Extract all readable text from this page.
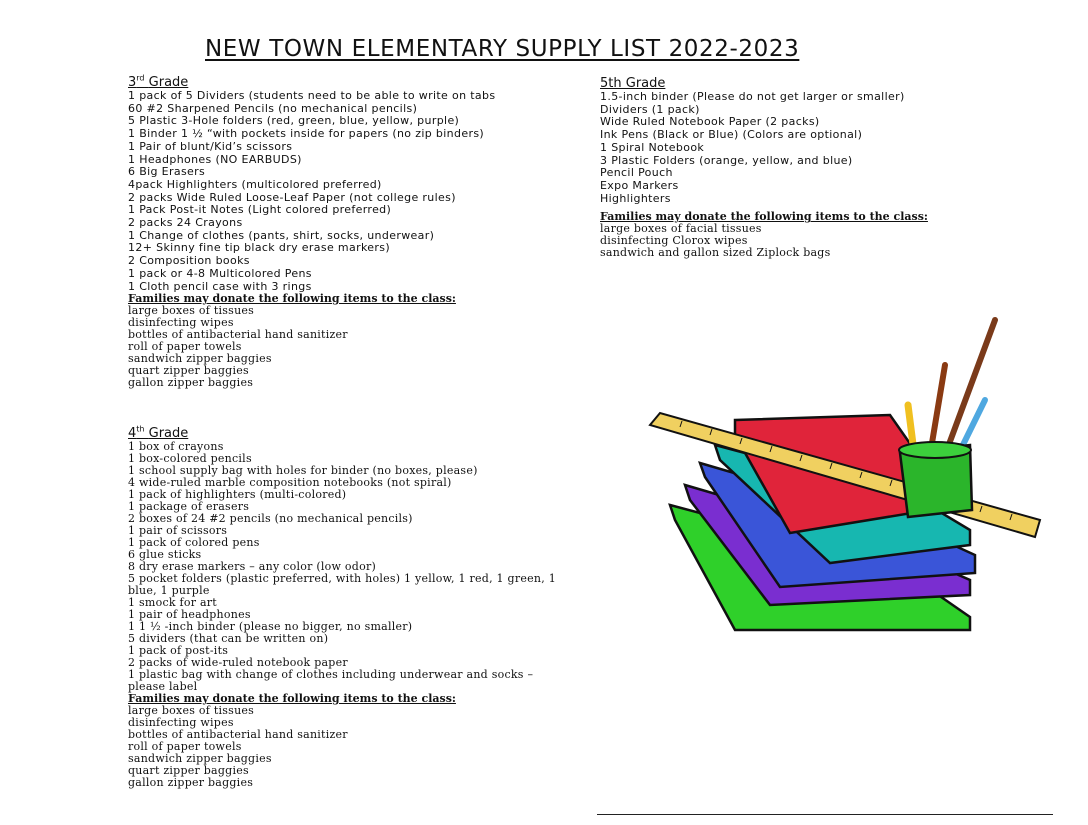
NEW TOWN ELEMENTARY SUPPLY LIST 2022-2023
3rd Grade
1 pack of 5 Dividers (students need to be able to write on tabs
60 #2 Sharpened Pencils (no mechanical pencils)
5 Plastic 3-Hole folders (red, green, blue, yellow, purple)
1 Binder 1 ½ “with pockets inside for papers (no zip binders)
1 Pair of blunt/Kid’s scissors
1 Headphones (NO EARBUDS)
6 Big Erasers
4pack Highlighters (multicolored preferred)
2 packs Wide Ruled Loose-Leaf Paper (not college rules)
1 Pack Post-it Notes (Light colored preferred)
2 packs 24 Crayons
1 Change of clothes (pants, shirt, socks, underwear)
12+ Skinny fine tip black dry erase markers)
2 Composition books
1 pack or 4-8 Multicolored Pens
1 Cloth pencil case with 3 rings
Families may donate the following items to the class:
large boxes of tissues
disinfecting wipes
bottles of antibacterial hand sanitizer
roll of paper towels
sandwich zipper baggies
quart zipper baggies
gallon zipper baggies
4th Grade
1 box of crayons
1 box-colored pencils
1 school supply bag with holes for binder (no boxes, please)
4 wide-ruled marble composition notebooks (not spiral)
1 pack of highlighters (multi-colored)
1 package of erasers
2 boxes of 24 #2 pencils (no mechanical pencils)
1 pair of scissors
1 pack of colored pens
6 glue sticks
8 dry erase markers – any color (low odor)
5 pocket folders (plastic preferred, with holes) 1 yellow, 1 red, 1 green, 1 blue, 1 purple
1 smock for art
1 pair of headphones
1 1 ½ -inch binder (please no bigger, no smaller)
5 dividers (that can be written on)
1 pack of post-its
2 packs of wide-ruled notebook paper
1 plastic bag with change of clothes including underwear and socks – please label
Families may donate the following items to the class:
large boxes of tissues
disinfecting wipes
bottles of antibacterial hand sanitizer
roll of paper towels
sandwich zipper baggies
quart zipper baggies
gallon zipper baggies
5th Grade
1.5-inch binder (Please do not get larger or smaller)
Dividers (1 pack)
Wide Ruled Notebook Paper (2 packs)
Ink Pens (Black or Blue) (Colors are optional)
1 Spiral Notebook
3 Plastic Folders (orange, yellow, and blue)
Pencil Pouch
Expo Markers
Highlighters
Families may donate the following items to the class:
large boxes of facial tissues
disinfecting Clorox wipes
sandwich and gallon sized Ziplock bags
